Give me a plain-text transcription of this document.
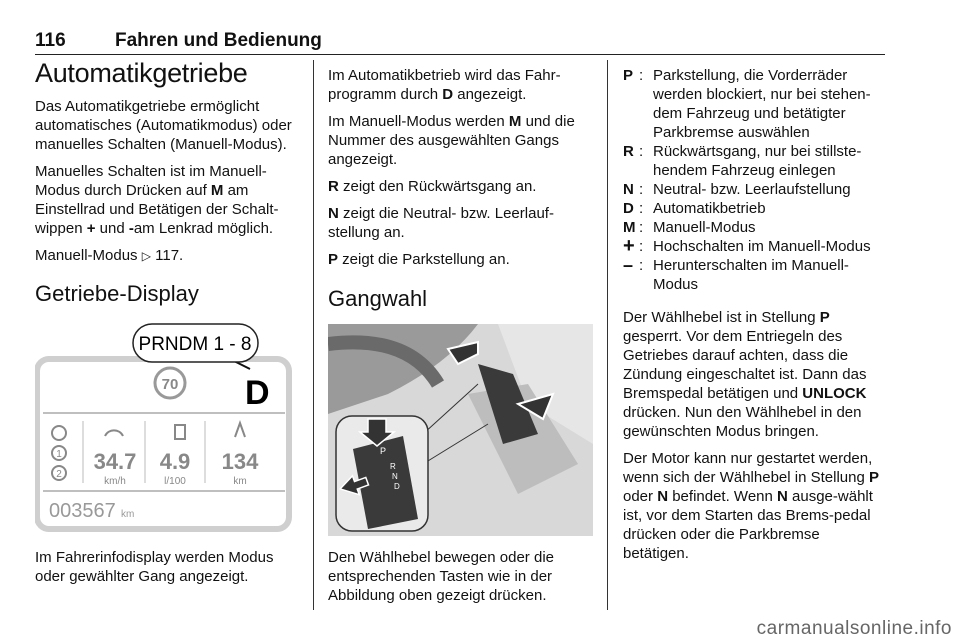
116	Fahren und Bedienung
Automatikgetriebe

Das Automatikgetriebe ermöglicht automatisches (Automatikmodus) oder manuelles Schalten (Manuell-Modus).

Manuelles Schalten ist im Manuell-Modus durch Drücken auf M am Einstellrad und Betätigen der Schalt-wippen + und -am Lenkrad möglich.

Manuell-Modus ▷ 117.

Getriebe-Display
PRNDM 1 - 8
70 D
1
2
34.7
km/h
4.9
l/100
134
km
003567 km

Im Fahrerinfodisplay werden Modus oder gewählter Gang angezeigt.

Im Automatikbetrieb wird das Fahr-programm durch D angezeigt.

Im Manuell-Modus werden M und die Nummer des ausgewählten Gangs angezeigt.

R zeigt den Rückwärtsgang an.

N zeigt die Neutral- bzw. Leerlauf-stellung an.

P zeigt die Parkstellung an.

Gangwahl
P
R
N
D

Den Wählhebel bewegen oder die entsprechenden Tasten wie in der Abbildung oben gezeigt drücken.

P : Parkstellung, die Vorderräder werden blockiert, nur bei stehen-dem Fahrzeug und betätigter Parkbremse auswählen
R : Rückwärtsgang, nur bei stillste-hendem Fahrzeug einlegen
N : Neutral- bzw. Leerlaufstellung
D : Automatikbetrieb
M : Manuell-Modus
+ : Hochschalten im Manuell-Modus
– : Herunterschalten im Manuell-Modus

Der Wählhebel ist in Stellung P gesperrt. Vor dem Entriegeln des Getriebes darauf achten, dass die Zündung eingeschaltet ist. Dann das Bremspedal betätigen und UNLOCK drücken. Nun den Wählhebel in den gewünschten Modus bringen.

Der Motor kann nur gestartet werden, wenn sich der Wählhebel in Stellung P oder N befindet. Wenn N ausge-wählt ist, vor dem Starten das Brems-pedal drücken oder die Parkbremse betätigen.

carmanualsonline.info
